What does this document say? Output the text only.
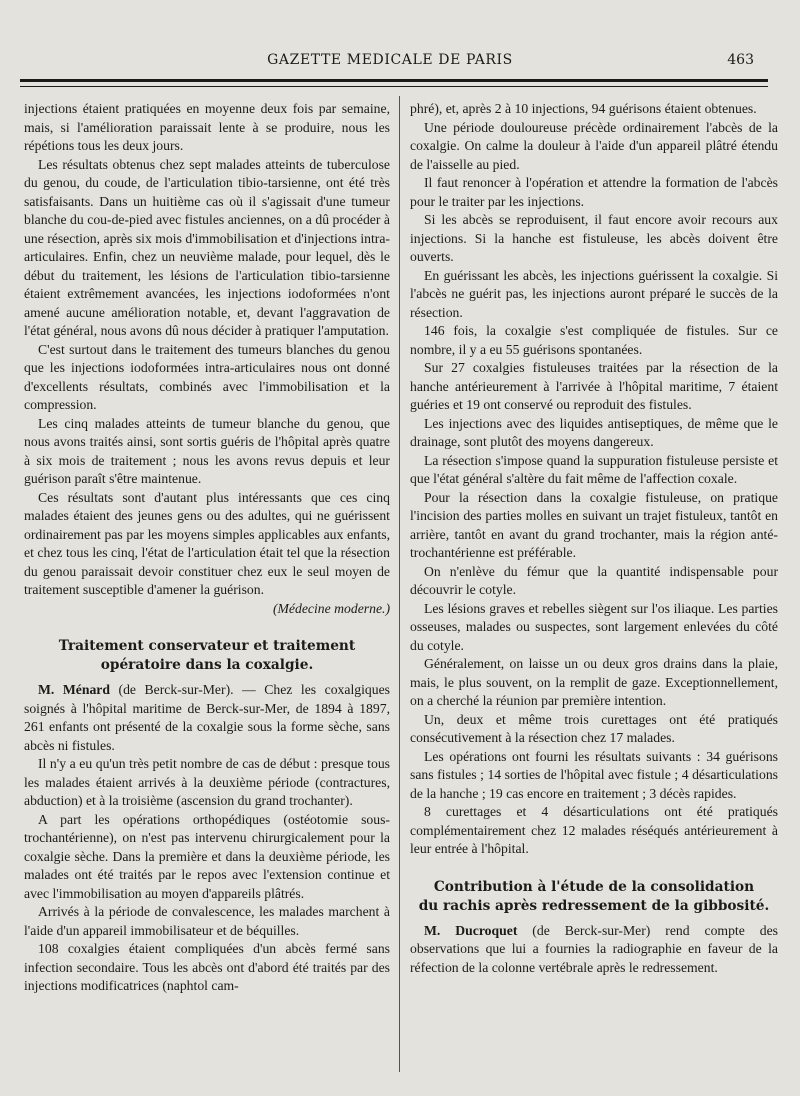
GAZETTE MEDICALE DE PARIS	463

injections étaient pratiquées en moyenne deux fois par semaine, mais, si l'amélioration paraissait lente à se produire, nous les répétions tous les deux jours.

Les résultats obtenus chez sept malades atteints de tuberculose du genou, du coude, de l'articulation tibio-tarsienne, ont été très satisfaisants. Dans un huitième cas où il s'agissait d'une tumeur blanche du cou-de-pied avec fistules anciennes, on a dû procéder à une résection, après six mois d'immobilisation et d'injections intra-articulaires. Enfin, chez un neuvième malade, pour lequel, dès le début du traitement, les lésions de l'articulation tibio-tarsienne étaient extrêmement avancées, les injections iodoformées n'ont amené aucune amélioration notable, et, devant l'aggravation de l'état général, nous avons dû nous décider à pratiquer l'amputation.

C'est surtout dans le traitement des tumeurs blanches du genou que les injections iodoformées intra-articulaires nous ont donné d'excellents résultats, combinés avec l'immobilisation et la compression.

Les cinq malades atteints de tumeur blanche du genou, que nous avons traités ainsi, sont sortis guéris de l'hôpital après quatre à six mois de traitement ; nous les avons revus depuis et leur guérison paraît s'être maintenue.

Ces résultats sont d'autant plus intéressants que ces cinq malades étaient des jeunes gens ou des adultes, qui ne guérissent ordinairement pas par les moyens simples applicables aux enfants, et chez tous les cinq, l'état de l'articulation était tel que la résection du genou paraissait devoir constituer chez eux le seul moyen de traitement susceptible d'amener la guérison.

(Médecine moderne.)

Traitement conservateur et traitement
opératoire dans la coxalgie.

M. Ménard (de Berck-sur-Mer). — Chez les coxalgiques soignés à l'hôpital maritime de Berck-sur-Mer, de 1894 à 1897, 261 enfants ont présenté de la coxalgie sous la forme sèche, sans abcès ni fistules.

Il n'y a eu qu'un très petit nombre de cas de début : presque tous les malades étaient arrivés à la deuxième période (contractures, abduction) et à la troisième (ascension du grand trochanter).

A part les opérations orthopédiques (ostéotomie sous-trochantérienne), on n'est pas intervenu chirurgicalement pour la coxalgie sèche. Dans la première et dans la deuxième période, les malades ont été traités par le repos avec l'extension continue et avec l'immobilisation au moyen d'appareils plâtrés.

Arrivés à la période de convalescence, les malades marchent à l'aide d'un appareil immobilisateur et de béquilles.

108 coxalgies étaient compliquées d'un abcès fermé sans infection secondaire. Tous les abcès ont d'abord été traités par des injections modificatrices (naphtol cam-

phré), et, après 2 à 10 injections, 94 guérisons étaient obtenues.

Une période douloureuse précède ordinairement l'abcès de la coxalgie. On calme la douleur à l'aide d'un appareil plâtré étendu de l'aisselle au pied.

Il faut renoncer à l'opération et attendre la formation de l'abcès pour le traiter par les injections.

Si les abcès se reproduisent, il faut encore avoir recours aux injections. Si la hanche est fistuleuse, les abcès doivent être ouverts.

En guérissant les abcès, les injections guérissent la coxalgie. Si l'abcès ne guérit pas, les injections auront préparé le succès de la résection.

146 fois, la coxalgie s'est compliquée de fistules. Sur ce nombre, il y a eu 55 guérisons spontanées.

Sur 27 coxalgies fistuleuses traitées par la résection de la hanche antérieurement à l'arrivée à l'hôpital maritime, 7 étaient guéries et 19 ont conservé ou reproduit des fistules.

Les injections avec des liquides antiseptiques, de même que le drainage, sont plutôt des moyens dangereux.

La résection s'impose quand la suppuration fistuleuse persiste et que l'état général s'altère du fait même de l'affection coxale.

Pour la résection dans la coxalgie fistuleuse, on pratique l'incision des parties molles en suivant un trajet fistuleux, tantôt en arrière, tantôt en avant du grand trochanter, mais la région anté-trochantérienne est préférable.

On n'enlève du fémur que la quantité indispensable pour découvrir le cotyle.

Les lésions graves et rebelles siègent sur l'os iliaque. Les parties osseuses, malades ou suspectes, sont largement enlevées du côté du cotyle.

Généralement, on laisse un ou deux gros drains dans la plaie, mais, le plus souvent, on la remplit de gaze. Exceptionnellement, on a cherché la réunion par première intention.

Un, deux et même trois curettages ont été pratiqués consécutivement à la résection chez 17 malades.

Les opérations ont fourni les résultats suivants : 34 guérisons sans fistules ; 14 sorties de l'hôpital avec fistule ; 4 désarticulations de la hanche ; 19 cas encore en traitement ; 3 décès rapides.

8 curettages et 4 désarticulations ont été pratiqués complémentairement chez 12 malades réséqués antérieurement à leur entrée à l'hôpital.

Contribution à l'étude de la consolidation
du rachis après redressement de la gibbosité.

M. Ducroquet (de Berck-sur-Mer) rend compte des observations que lui a fournies la radiographie en faveur de la réfection de la colonne vertébrale après le redressement.
